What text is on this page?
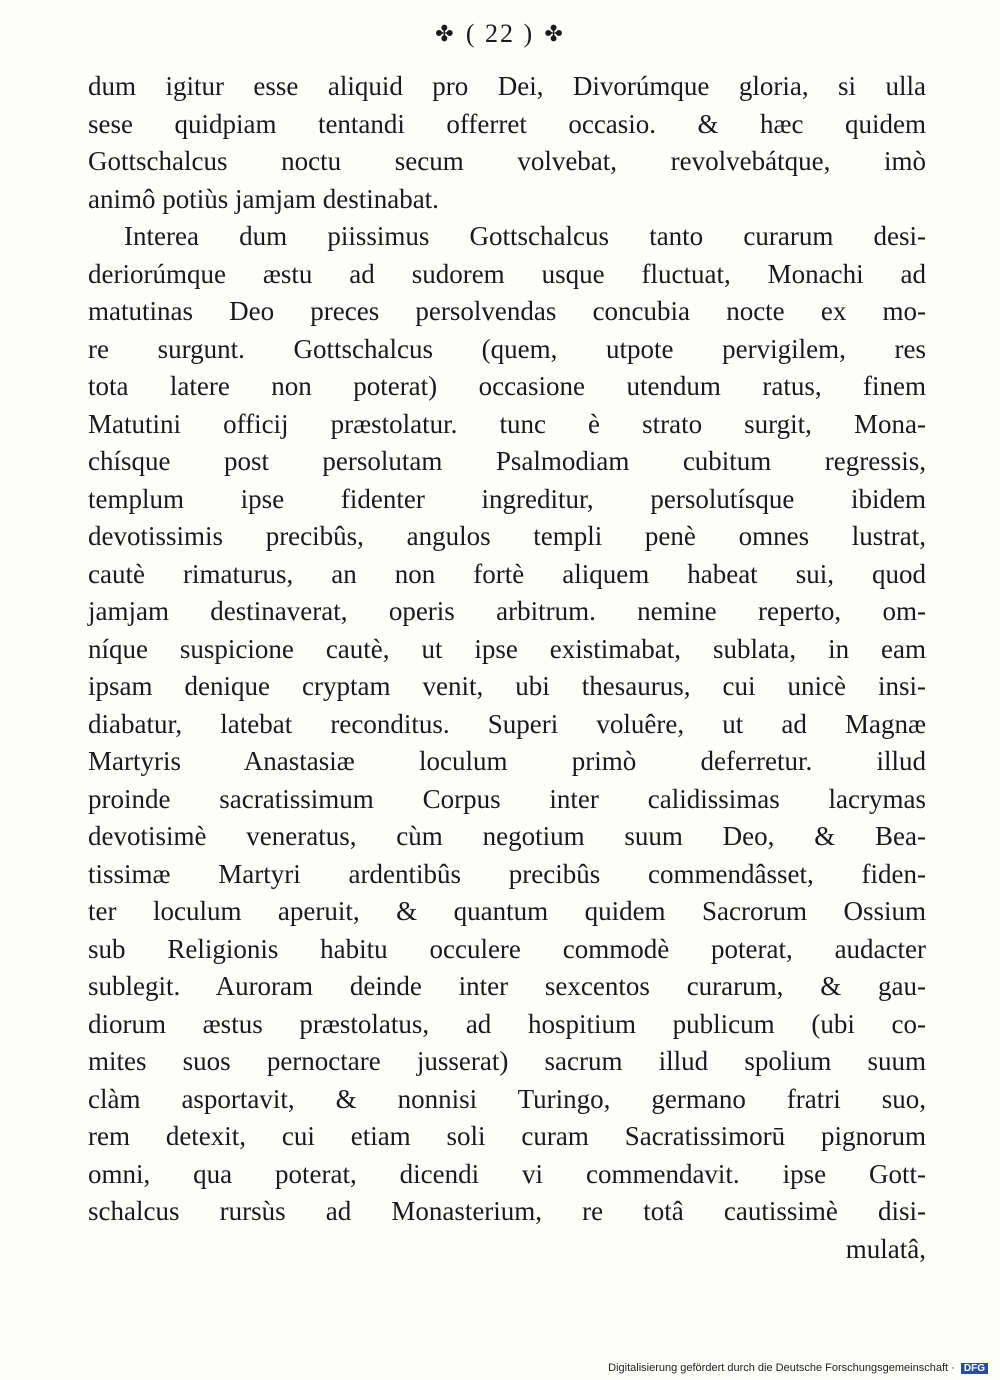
✤ ( 22 ) ✤
dum igitur esse aliquid pro Dei, Divorúmque gloria, si ulla
sese quidpiam tentandi offerret occasio. & hæc quidem
Gottschalcus noctu secum volvebat, revolvebátque, imò
animô potiùs jamjam destinabat.
Interea dum piissimus Gottschalcus tanto curarum desi-
deriorúmque æstu ad sudorem usque fluctuat, Monachi ad
matutinas Deo preces persolvendas concubia nocte ex mo-
re surgunt. Gottschalcus (quem, utpote pervigilem, res
tota latere non poterat) occasione utendum ratus, finem
Matutini officij præstolatur. tunc è strato surgit, Mona-
chísque post persolutam Psalmodiam cubitum regressis,
templum ipse fidenter ingreditur, persolutísque ibidem
devotissimis precibûs, angulos templi penè omnes lustrat,
cautè rimaturus, an non fortè aliquem habeat sui, quod
jamjam destinaverat, operis arbitrum. nemine reperto, om-
níque suspicione cautè, ut ipse existimabat, sublata, in eam
ipsam denique cryptam venit, ubi thesaurus, cui unicè insi-
diabatur, latebat reconditus. Superi voluêre, ut ad Magnæ
Martyris Anastasiæ loculum primò deferretur. illud
proinde sacratissimum Corpus inter calidissimas lacrymas
devotisimè veneratus, cùm negotium suum Deo, & Bea-
tissimæ Martyri ardentibûs precibûs commendâsset, fiden-
ter loculum aperuit, & quantum quidem Sacrorum Ossium
sub Religionis habitu occulere commodè poterat, audacter
sublegit. Auroram deinde inter sexcentos curarum, & gau-
diorum æstus præstolatus, ad hospitium publicum (ubi co-
mites suos pernoctare jusserat) sacrum illud spolium suum
clàm asportavit, & nonnisi Turingo, germano fratri suo,
rem detexit, cui etiam soli curam Sacratissimorū pignorum
omni, qua poterat, dicendi vi commendavit. ipse Gott-
schalcus rursùs ad Monasterium, re totâ cautissimè disi-
mulatâ,
Digitalisierung gefördert durch die Deutsche Forschungsgemeinschaft · DFG
